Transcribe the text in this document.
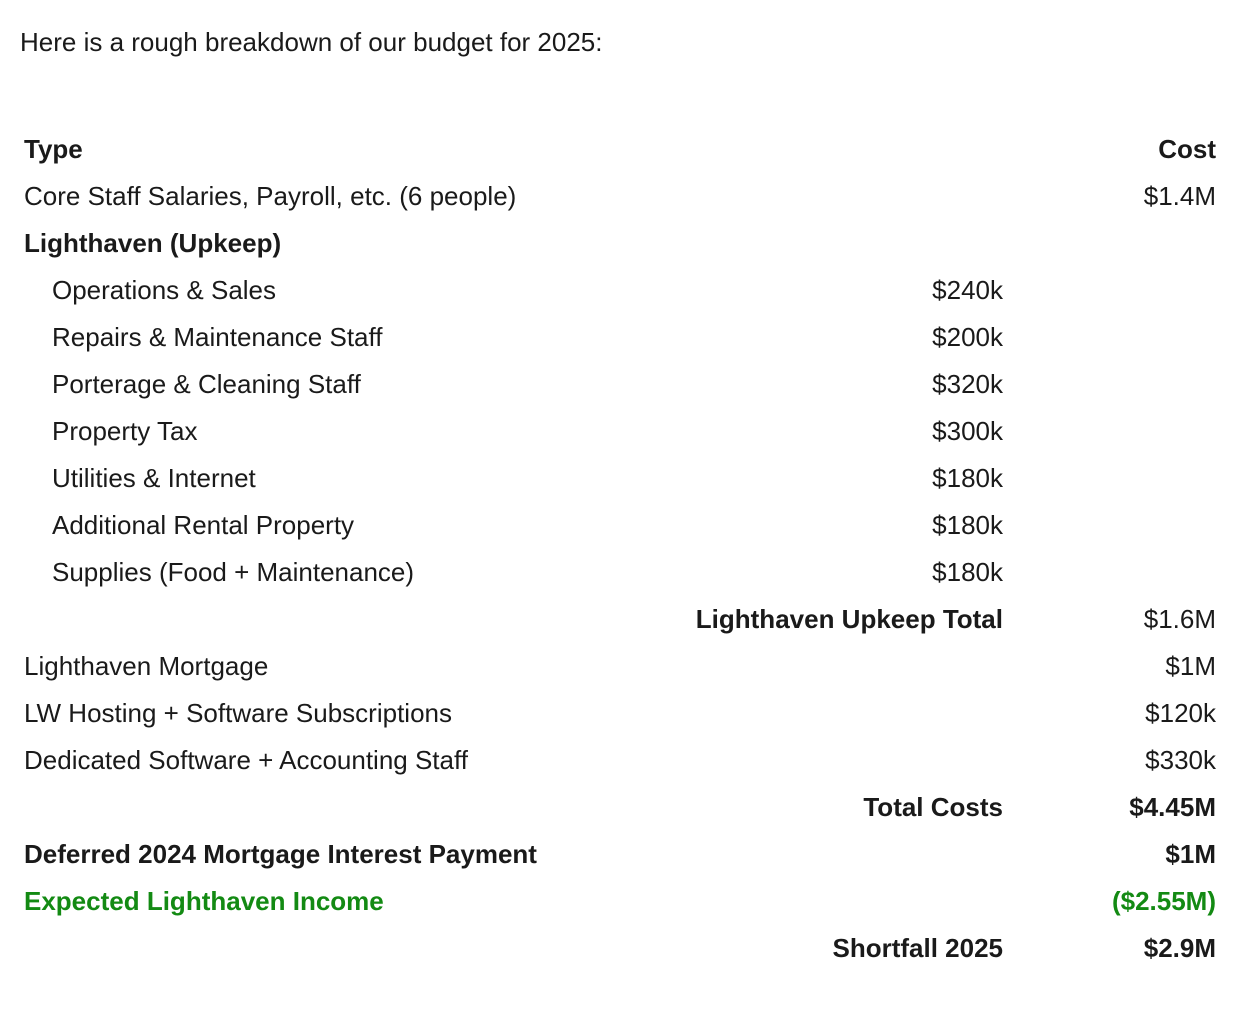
Here is a rough breakdown of our budget for 2025:

Type	Cost
Core Staff Salaries, Payroll, etc. (6 people)	$1.4M
Lighthaven (Upkeep)
Operations & Sales	$240k
Repairs & Maintenance Staff	$200k
Porterage & Cleaning Staff	$320k
Property Tax	$300k
Utilities & Internet	$180k
Additional Rental Property	$180k
Supplies (Food + Maintenance)	$180k
Lighthaven Upkeep Total	$1.6M
Lighthaven Mortgage	$1M
LW Hosting + Software Subscriptions	$120k
Dedicated Software + Accounting Staff	$330k
Total Costs	$4.45M
Deferred 2024 Mortgage Interest Payment	$1M
Expected Lighthaven Income	($2.55M)
Shortfall 2025	$2.9M
